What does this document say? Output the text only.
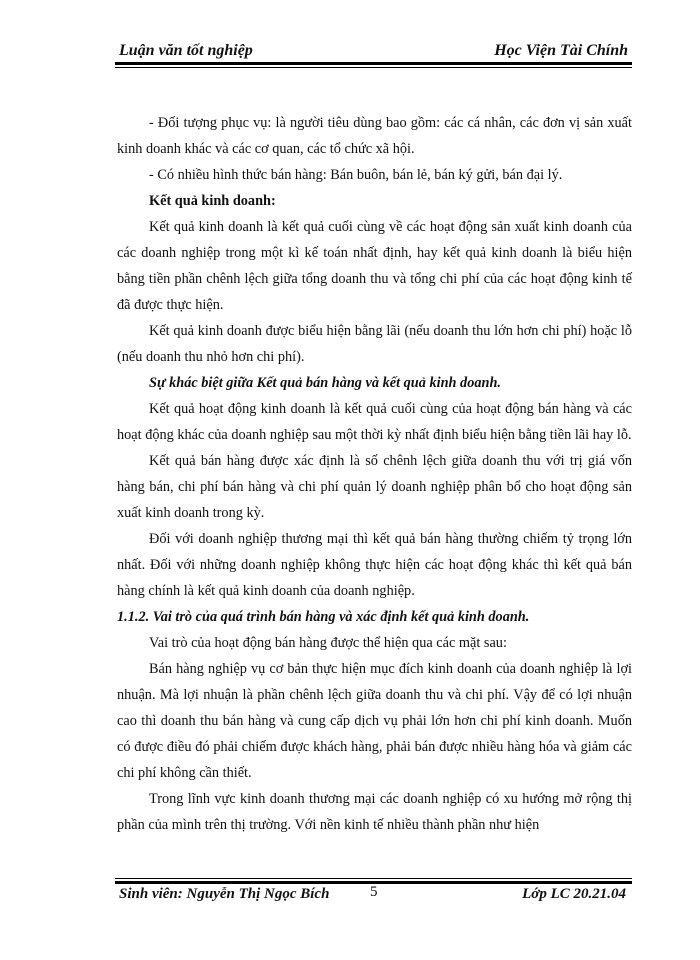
Luận văn tốt nghiệp	Học Viện Tài Chính

- Đối tượng phục vụ: là người tiêu dùng bao gồm: các cá nhân, các đơn vị sản xuất kinh doanh khác và các cơ quan, các tổ chức xã hội.

- Có nhiều hình thức bán hàng: Bán buôn, bán lẻ, bán ký gửi, bán đại lý.

Kết quả kinh doanh:

Kết quả kinh doanh là kết quả cuối cùng về các hoạt động sản xuất kinh doanh của các doanh nghiệp trong một kì kế toán nhất định, hay kết quả kinh doanh là biểu hiện bằng tiền phần chênh lệch giữa tổng doanh thu và tổng chi phí của các hoạt động kinh tế đã được thực hiện.

Kết quả kinh doanh được biểu hiện bằng lãi (nếu doanh thu lớn hơn chi phí) hoặc lỗ (nếu doanh thu nhỏ hơn chi phí).

Sự khác biệt giữa Kết quả bán hàng và kết quả kinh doanh.

Kết quả hoạt động kinh doanh là kết quả cuối cùng của hoạt động bán hàng và các hoạt động khác của doanh nghiệp sau một thời kỳ nhất định biểu hiện bằng tiền lãi hay lỗ.

Kết quả bán hàng được xác định là số chênh lệch giữa doanh thu với trị giá vốn hàng bán, chi phí bán hàng và chi phí quản lý doanh nghiệp phân bổ cho hoạt động sản xuất kinh doanh trong kỳ.

Đối với doanh nghiệp thương mại thì kết quả bán hàng thường chiếm tỷ trọng lớn nhất. Đối với những doanh nghiệp không thực hiện các hoạt động khác thì kết quả bán hàng chính là kết quả kinh doanh của doanh nghiệp.

1.1.2. Vai trò của quá trình bán hàng và xác định kết quả kinh doanh.

Vai trò của hoạt động bán hàng được thể hiện qua các mặt sau:

Bán hàng nghiệp vụ cơ bản thực hiện mục đích kinh doanh của doanh nghiệp là lợi nhuận. Mà lợi nhuận là phần chênh lệch giữa doanh thu và chi phí. Vậy để có lợi nhuận cao thì doanh thu bán hàng và cung cấp dịch vụ phải lớn hơn chi phí kinh doanh. Muốn có được điều đó phải chiếm được khách hàng, phải bán được nhiều hàng hóa và giảm các chi phí không cần thiết.

Trong lĩnh vực kinh doanh thương mại các doanh nghiệp có xu hướng mở rộng thị phần của mình trên thị trường. Với nền kinh tế nhiều thành phần như hiện

Sinh viên: Nguyễn Thị Ngọc Bích	5	Lớp LC 20.21.04
